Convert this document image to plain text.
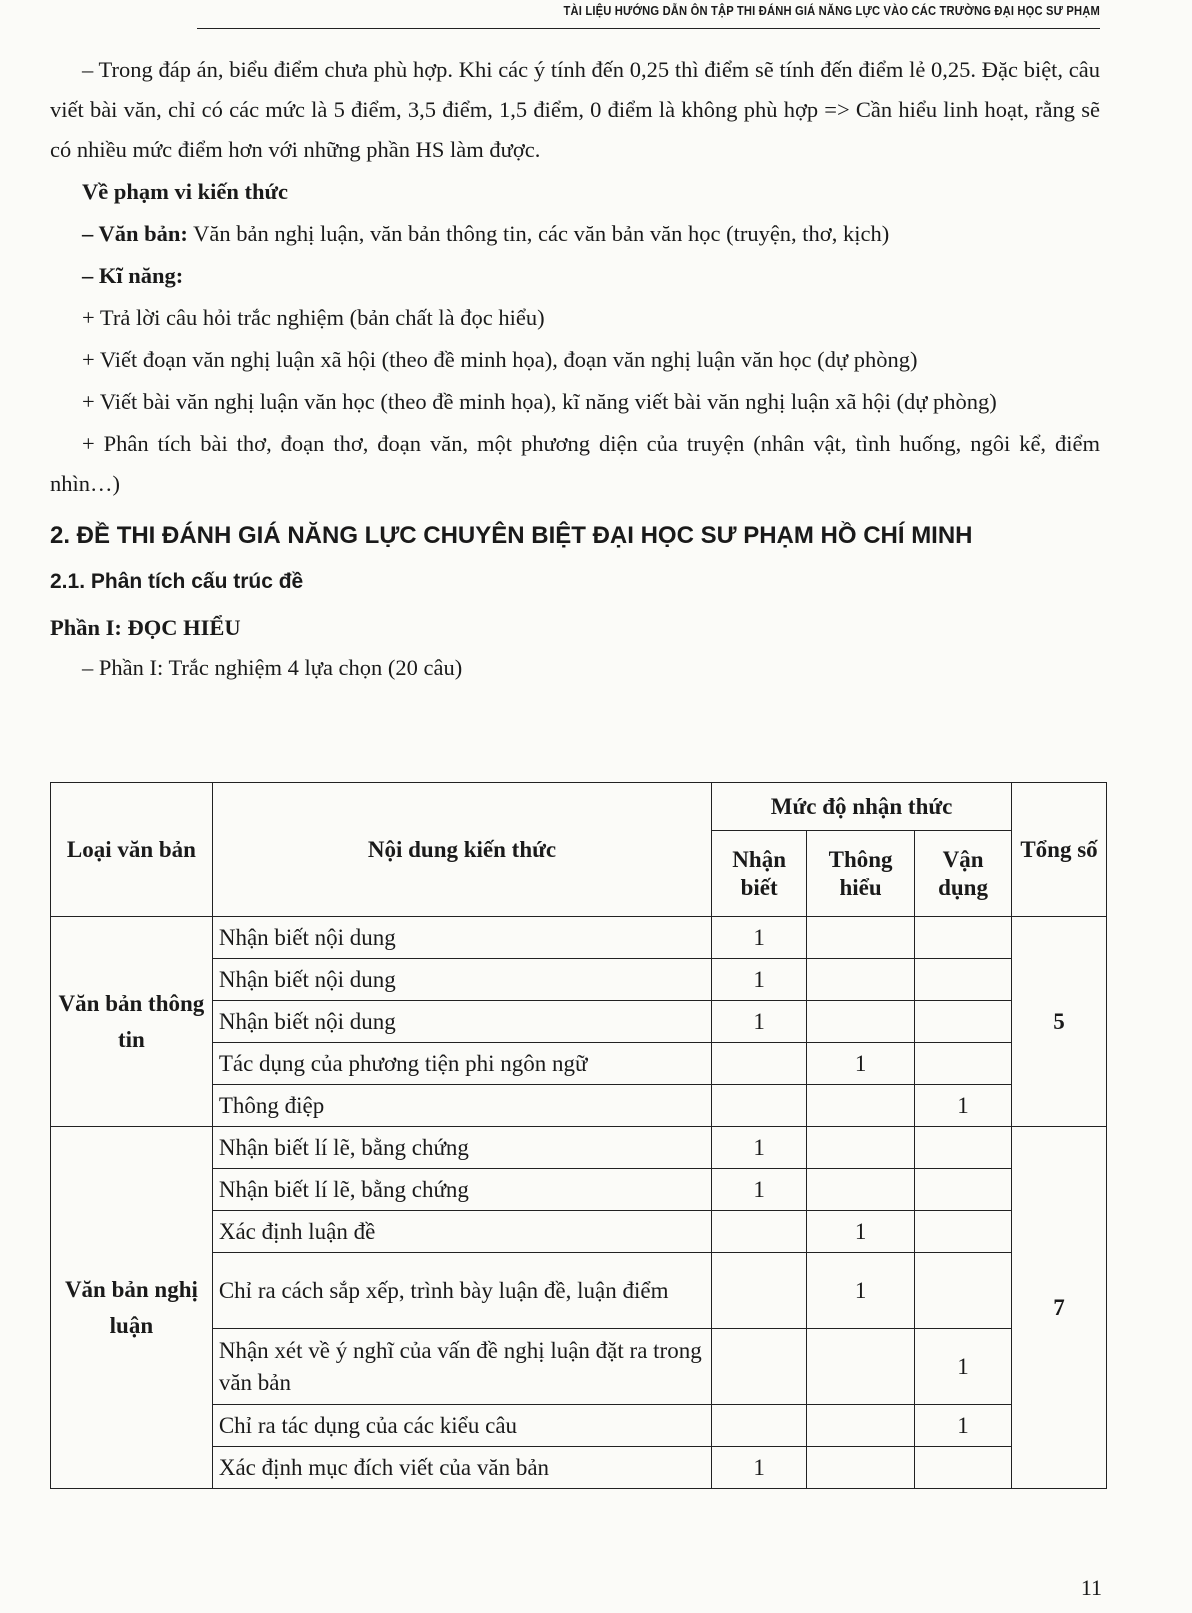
TÀI LIỆU HƯỚNG DẪN ÔN TẬP THI ĐÁNH GIÁ NĂNG LỰC VÀO CÁC TRƯỜNG ĐẠI HỌC SƯ PHẠM

– Trong đáp án, biểu điểm chưa phù hợp. Khi các ý tính đến 0,25 thì điểm sẽ tính đến điểm lẻ 0,25. Đặc biệt, câu viết bài văn, chỉ có các mức là 5 điểm, 3,5 điểm, 1,5 điểm, 0 điểm là không phù hợp => Cần hiểu linh hoạt, rằng sẽ có nhiều mức điểm hơn với những phần HS làm được.

Về phạm vi kiến thức

– Văn bản: Văn bản nghị luận, văn bản thông tin, các văn bản văn học (truyện, thơ, kịch)

– Kĩ năng:

+ Trả lời câu hỏi trắc nghiệm (bản chất là đọc hiểu)

+ Viết đoạn văn nghị luận xã hội (theo đề minh họa), đoạn văn nghị luận văn học (dự phòng)

+ Viết bài văn nghị luận văn học (theo đề minh họa), kĩ năng viết bài văn nghị luận xã hội (dự phòng)

+ Phân tích bài thơ, đoạn thơ, đoạn văn, một phương diện của truyện (nhân vật, tình huống, ngôi kể, điểm nhìn…)

2. ĐỀ THI ĐÁNH GIÁ NĂNG LỰC CHUYÊN BIỆT ĐẠI HỌC SƯ PHẠM HỒ CHÍ MINH

2.1. Phân tích cấu trúc đề

Phần I: ĐỌC HIỂU

– Phần I: Trắc nghiệm 4 lựa chọn (20 câu)

Loại văn bản	Nội dung kiến thức	Mức độ nhận thức			Tổng số
		Nhận biết	Thông hiểu	Vận dụng	
Văn bản thông tin	Nhận biết nội dung	1			5
	Nhận biết nội dung	1			
	Nhận biết nội dung	1			
	Tác dụng của phương tiện phi ngôn ngữ		1		
	Thông điệp			1	
Văn bản nghị luận	Nhận biết lí lẽ, bằng chứng	1			7
	Nhận biết lí lẽ, bằng chứng	1			
	Xác định luận đề		1		
	Chỉ ra cách sắp xếp, trình bày luận đề, luận điểm		1		
	Nhận xét về ý nghĩ của vấn đề nghị luận đặt ra trong văn bản			1	
	Chỉ ra tác dụng của các kiểu câu			1	
	Xác định mục đích viết của văn bản	1			
11
